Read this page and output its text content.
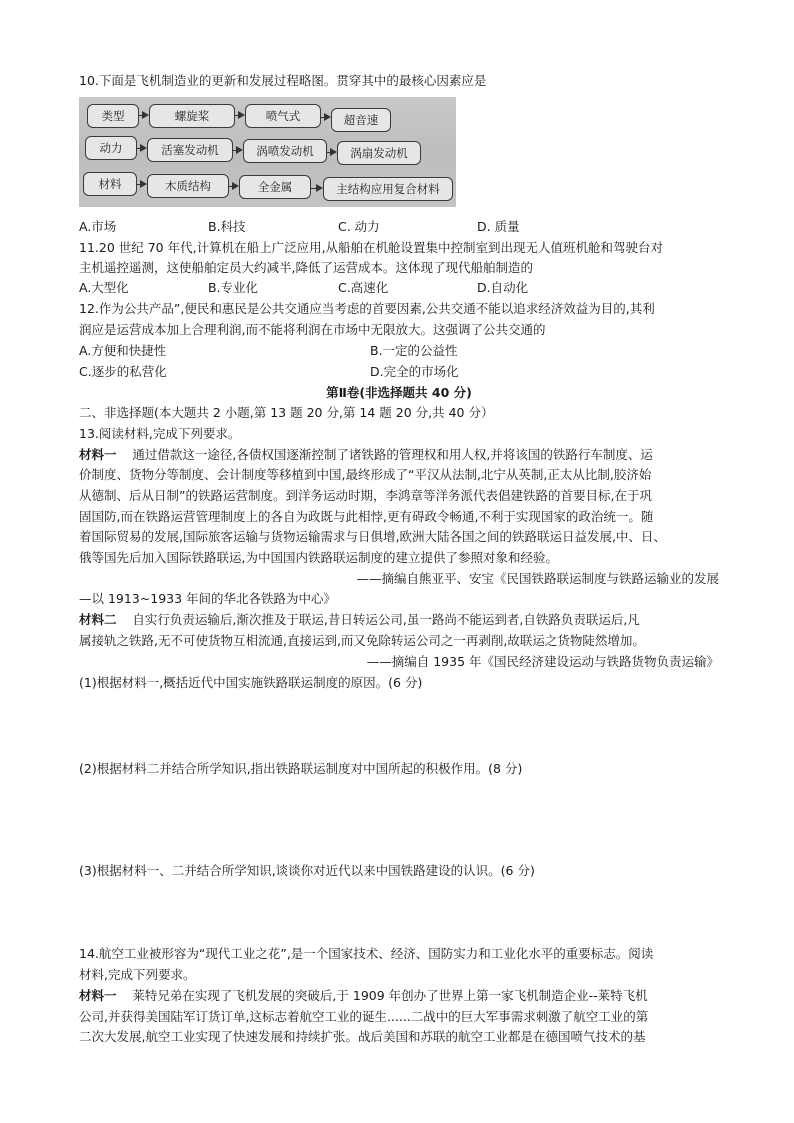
10.下面是飞机制造业的更新和发展过程略图。贯穿其中的最核心因素应是
类型	螺旋桨	喷气式	超音速
动力	活塞发动机	涡喷发动机	涡扇发动机
材料	木质结构	全金属	主结构应用复合材料
A.市场	B.科技	C. 动力	D. 质量
11.20 世纪 70 年代,计算机在船上广泛应用,从船舶在机舱设置集中控制室到出现无人值班机舱和驾驶台对
主机遥控遥测，这使船舶定员大约减半,降低了运营成本。这体现了现代船舶制造的
A.大型化	B.专业化	C.高速化	D.自动化
12.作为公共产品”,便民和惠民是公共交通应当考虑的首要因素,公共交通不能以追求经济效益为目的,其利
润应是运营成本加上合理利润,而不能将利润在市场中无限放大。这强调了公共交通的
A.方便和快捷性	B.一定的公益性
C.逐步的私营化	D.完全的市场化
第Ⅱ卷(非选择题共 40 分)
二、非选择题(本大题共 2 小题,第 13 题 20 分,第 14 题 20 分,共 40 分）
13.阅读材料,完成下列要求。
材料一 通过借款这一途径,各债权国逐渐控制了诸铁路的管理权和用人权,并将该国的铁路行车制度、运
价制度、货物分等制度、会计制度等移植到中国,最终形成了“平汉从法制,北宁从英制,正太从比制,胶济始
从德制、后从日制”的铁路运营制度。到洋务运动时期，李鸿章等洋务派代表倡建铁路的首要目标,在于巩
固国防,而在铁路运营管理制度上的各自为政既与此相悖,更有碍政令畅通,不利于实现国家的政治统一。随
着国际贸易的发展,国际旅客运输与货物运输需求与日俱增,欧洲大陆各国之间的铁路联运日益发展,中、日、
俄等国先后加入国际铁路联运,为中国国内铁路联运制度的建立提供了参照对象和经验。
——摘编自熊亚平、安宝《民国铁路联运制度与铁路运输业的发展
—以 1913~1933 年间的华北各铁路为中心》
材料二 自实行负责运输后,渐次推及于联运,昔日转运公司,虽一路尚不能运到者,自铁路负责联运后,凡
属接轨之铁路,无不可使货物互相流通,直接运到,而又免除转运公司之一再剥削,故联运之货物陡然增加。
——摘编自 1935 年《国民经济建设运动与铁路货物负责运输》
(1)根据材料一,概括近代中国实施铁路联运制度的原因。(6 分)
(2)根据材料二并结合所学知识,指出铁路联运制度对中国所起的积极作用。(8 分)
(3)根据材料一、二并结合所学知识,谈谈你对近代以来中国铁路建设的认识。(6 分)
14.航空工业被形容为“现代工业之花”,是一个国家技术、经济、国防实力和工业化水平的重要标志。阅读
材料,完成下列要求。
材料一 莱特兄弟在实现了飞机发展的突破后,于 1909 年创办了世界上第一家飞机制造企业--莱特飞机
公司,并获得美国陆军订货订单,这标志着航空工业的诞生......二战中的巨大军事需求刺激了航空工业的第
二次大发展,航空工业实现了快速发展和持续扩张。战后美国和苏联的航空工业都是在德国喷气技术的基
